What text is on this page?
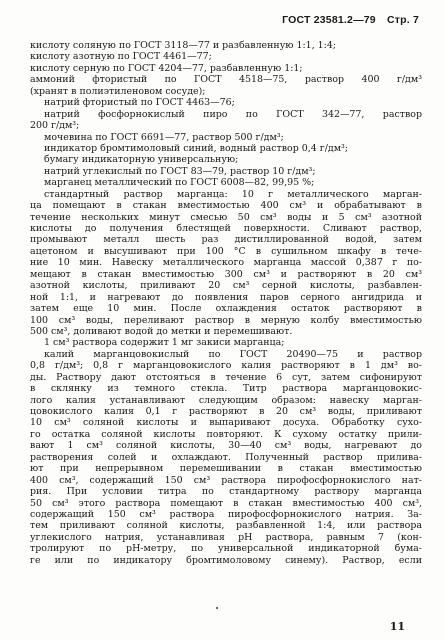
ГОСТ 23581.2—79 Стр. 7
кислоту соляную по ГОСТ 3118—77 и разбавленную 1:1, 1:4;
кислоту азотную по ГОСТ 4461—77;
кислоту серную по ГОСТ 4204—77, разбавленную 1:1;
аммоний фтористый по ГОСТ 4518—75, раствор 400 г/дм³
(хранят в полиэтиленовом сосуде);
натрий фтористый по ГОСТ 4463—76;
натрий фосфорнокислый пиро по ГОСТ 342—77, раствор
200 г/дм³;
мочевина по ГОСТ 6691—77, раствор 500 г/дм³;
индикатор бромтимоловый синий, водный раствор 0,4 г/дм³;
бумагу индикаторную универсальную;
натрий углекислый по ГОСТ 83—79, раствор 10 г/дм³;
марганец металлический по ГОСТ 6008—82, 99,95 %;
стандартный раствор марганца: 10 г металлического марган-
ца помещают в стакан вместимостью 400 см³ и обрабатывают в
течение нескольких минут смесью 50 см³ воды и 5 см³ азотной
кислоты до получения блестящей поверхности. Сливают раствор,
промывают металл шесть раз дистиллированной водой, затем
ацетоном и высушивают при 100 °С в сушильном шкафу в тече-
ние 10 мин. Навеску металлического марганца массой 0,387 г по-
мещают в стакан вместимостью 300 см³ и растворяют в 20 см³
азотной кислоты, приливают 20 см³ серной кислоты, разбавлен-
ной 1:1, и нагревают до появления паров серного ангидрида и
затем еще 10 мин. После охлаждения остаток растворяют в
100 см³ воды, переливают раствор в мерную колбу вместимостью
500 см³, доливают водой до метки и перемешивают.
1 см³ раствора содержит 1 мг закиси марганца;
калий марганцовокислый по ГОСТ 20490—75 и раствор
0,8 г/дм³; 0,8 г марганцовокислого калия растворяют в 1 дм³ во-
ды. Раствору дают отстояться в течение 6 сут, затем сифонируют
в склянку из темного стекла. Титр раствора марганцовокис-
лого калия устанавливают следующим образом: навеску марган-
цовокислого калия 0,1 г растворяют в 20 см³ воды, приливают
10 см³ соляной кислоты и выпаривают досуха. Обработку сухо-
го остатка соляной кислоты повторяют. К сухому остатку прили-
вают 1 см³ соляной кислоты, 30—40 см³ воды, нагревают до
растворения солей и охлаждают. Полученный раствор прилива-
ют при непрерывном перемешивании в стакан вместимостью
400 см³, содержащий 150 см³ раствора пирофосфорнокислого нат-
рия. При условии титра по стандартному раствору марганца
50 см³ этого раствора помещают в стакан вместимостью 400 см³,
содержащий 150 см³ раствора пирофосфорнокислого натрия. За-
тем приливают соляной кислоты, разбавленной 1:4, или раствора
углекислого натрия, устанавливая pH раствора, равным 7 (кон-
тролируют по pH-метру, по универсальной индикаторной бума-
ге или по индикатору бромтимоловому синему). Раствор, если
11
